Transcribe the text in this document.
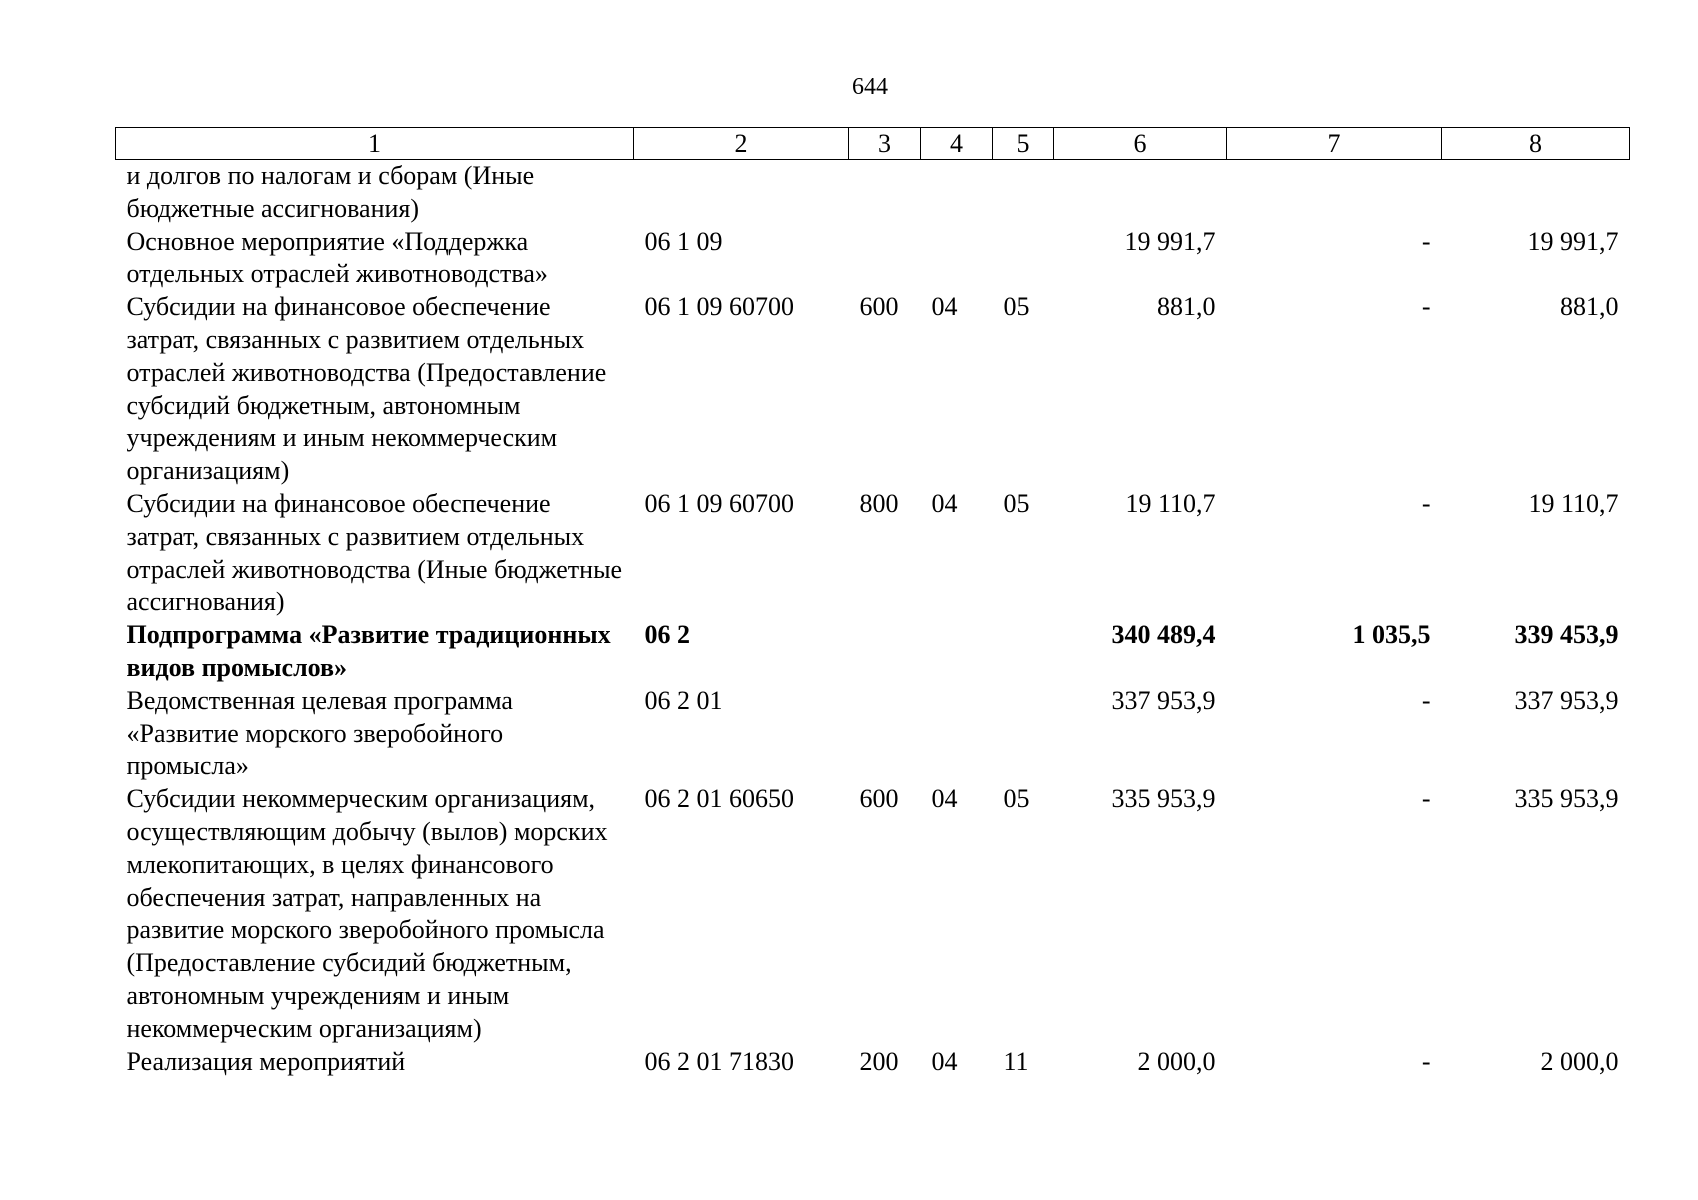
644
1	2	3	4	5	6	7	8
и долгов по налогам и сборам (Иные бюджетные ассигнования)							
Основное мероприятие «Поддержка отдельных отраслей животноводства»	06 1 09				19 991,7	-	19 991,7
Субсидии на финансовое обеспечение затрат, связанных с развитием отдельных отраслей животноводства (Предоставление субсидий бюджетным, автономным учреждениям и иным некоммерческим организациям)	06 1 09 60700	600	04	05	881,0	-	881,0
Субсидии на финансовое обеспечение затрат, связанных с развитием отдельных отраслей животноводства (Иные бюджетные ассигнования)	06 1 09 60700	800	04	05	19 110,7	-	19 110,7
Подпрограмма «Развитие традиционных видов промыслов»	06 2				340 489,4	1 035,5	339 453,9
Ведомственная целевая программа «Развитие морского зверобойного промысла»	06 2 01				337 953,9	-	337 953,9
Субсидии некоммерческим организациям, осуществляющим добычу (вылов) морских млекопитающих, в целях финансового обеспечения затрат, направленных на развитие морского зверобойного промысла (Предоставление субсидий бюджетным, автономным учреждениям и иным некоммерческим организациям)	06 2 01 60650	600	04	05	335 953,9	-	335 953,9
Реализация мероприятий	06 2 01 71830	200	04	11	2 000,0	-	2 000,0
